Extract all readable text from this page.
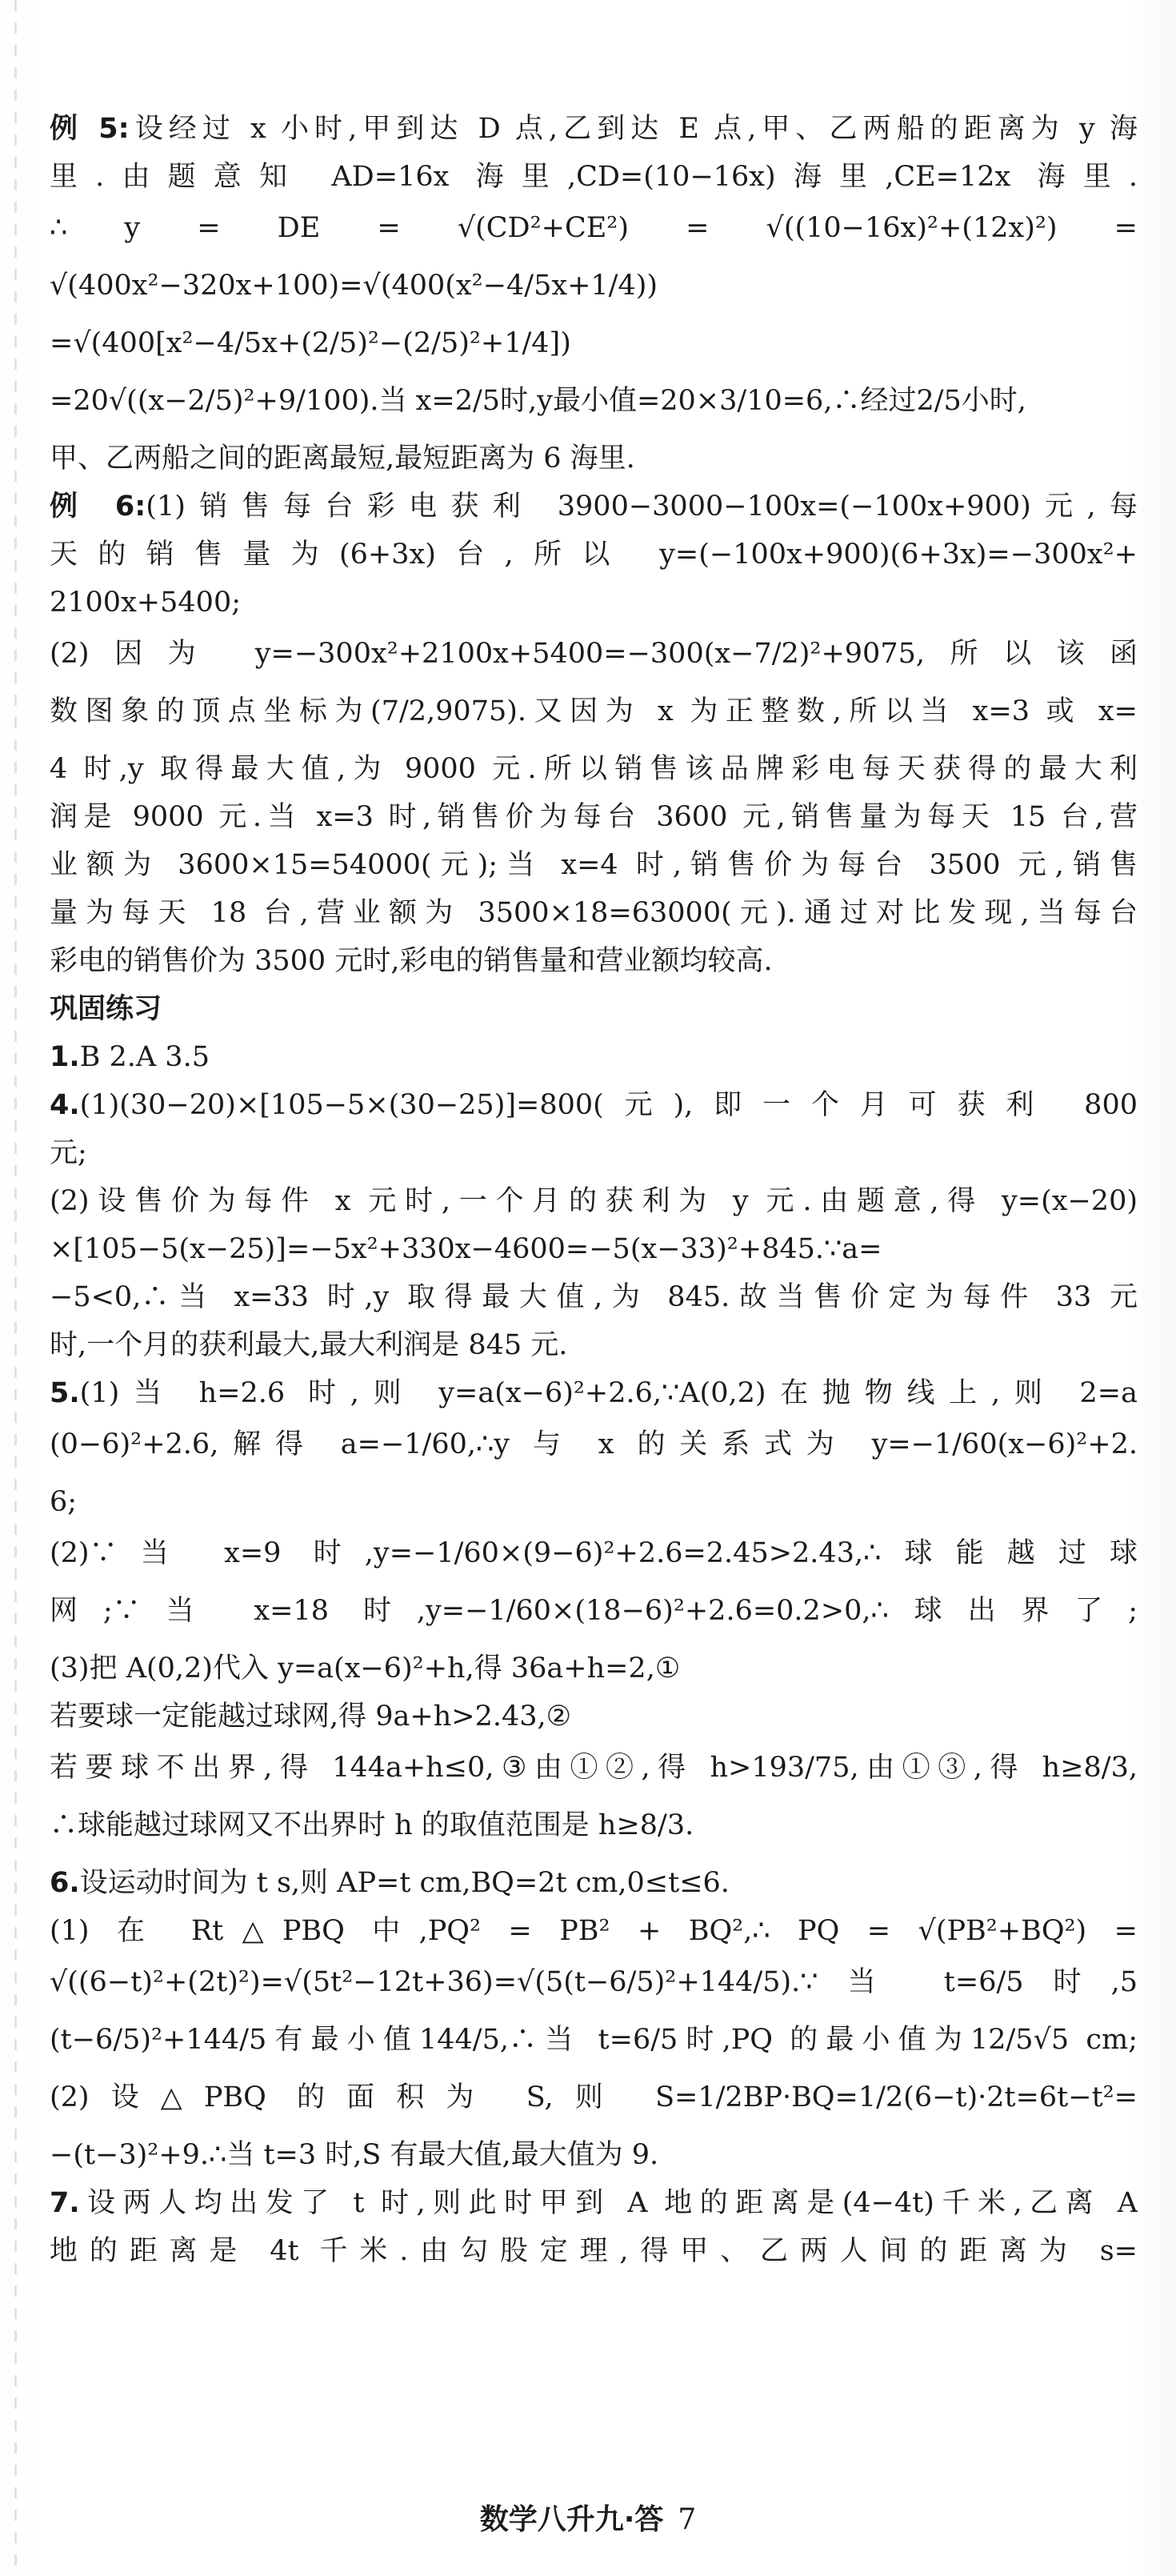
例 5:设经过 x 小时,甲到达 D 点,乙到达 E 点,甲、乙两船的距离为 y 海
里.由题意知 AD=16x 海里,CD=(10−16x)海里,CE=12x 海里.
∴ y = DE = √(CD²+CE²) = √((10−16x)²+(12x)²) =
√(400x²−320x+100)=√(400(x²−4/5x+1/4))
=√(400[x²−4/5x+(2/5)²−(2/5)²+1/4])
=20√((x−2/5)²+9/100).当 x=2/5时,y最小值=20×3/10=6,∴经过2/5小时,
甲、乙两船之间的距离最短,最短距离为 6 海里.
例 6:(1)销售每台彩电获利 3900−3000−100x=(−100x+900)元,每
天的销售量为(6+3x)台,所以 y=(−100x+900)(6+3x)=−300x²+
2100x+5400;
(2)因为 y=−300x²+2100x+5400=−300(x−7/2)²+9075,所以该函
数图象的顶点坐标为(7/2,9075).又因为 x 为正整数,所以当 x=3 或 x=
4 时,y 取得最大值,为 9000 元.所以销售该品牌彩电每天获得的最大利
润是 9000 元.当 x=3 时,销售价为每台 3600 元,销售量为每天 15 台,营
业额为 3600×15=54000(元);当 x=4 时,销售价为每台 3500 元,销售
量为每天 18 台,营业额为 3500×18=63000(元).通过对比发现,当每台
彩电的销售价为 3500 元时,彩电的销售量和营业额均较高.
巩固练习
1.B 2.A 3.5
4.(1)(30−20)×[105−5×(30−25)]=800(元),即一个月可获利 800
元;
(2)设售价为每件 x 元时,一个月的获利为 y 元.由题意,得 y=(x−20)
×[105−5(x−25)]=−5x²+330x−4600=−5(x−33)²+845.∵a=
−5<0,∴当 x=33 时,y 取得最大值,为 845.故当售价定为每件 33 元
时,一个月的获利最大,最大利润是 845 元.
5.(1)当 h=2.6 时,则 y=a(x−6)²+2.6,∵A(0,2)在抛物线上,则 2=a
(0−6)²+2.6,解得 a=−1/60,∴y 与 x 的关系式为 y=−1/60(x−6)²+2.
6;
(2)∵当 x=9 时,y=−1/60×(9−6)²+2.6=2.45>2.43,∴球能越过球
网;∵当 x=18 时,y=−1/60×(18−6)²+2.6=0.2>0,∴球出界了;
(3)把 A(0,2)代入 y=a(x−6)²+h,得 36a+h=2,①
若要球一定能越过球网,得 9a+h>2.43,②
若要球不出界,得 144a+h≤0,③由①②,得 h>193/75,由①③,得 h≥8/3,
∴球能越过球网又不出界时 h 的取值范围是 h≥8/3.
6.设运动时间为 t s,则 AP=t cm,BQ=2t cm,0≤t≤6.
(1) 在 Rt△PBQ 中,PQ² = PB² + BQ²,∴ PQ = √(PB²+BQ²) =
√((6−t)²+(2t)²)=√(5t²−12t+36)=√(5(t−6/5)²+144/5).∵当 t=6/5时,5
(t−6/5)²+144/5有最小值144/5,∴当 t=6/5时,PQ 的最小值为12/5√5 cm;
(2)设△PBQ 的面积为 S,则 S=1/2BP·BQ=1/2(6−t)·2t=6t−t²=
−(t−3)²+9.∴当 t=3 时,S 有最大值,最大值为 9.
7.设两人均出发了 t 时,则此时甲到 A 地的距离是(4−4t)千米,乙离 A
地的距离是 4t 千米.由勾股定理,得甲、乙两人间的距离为 s=
数学八升九·答 7
